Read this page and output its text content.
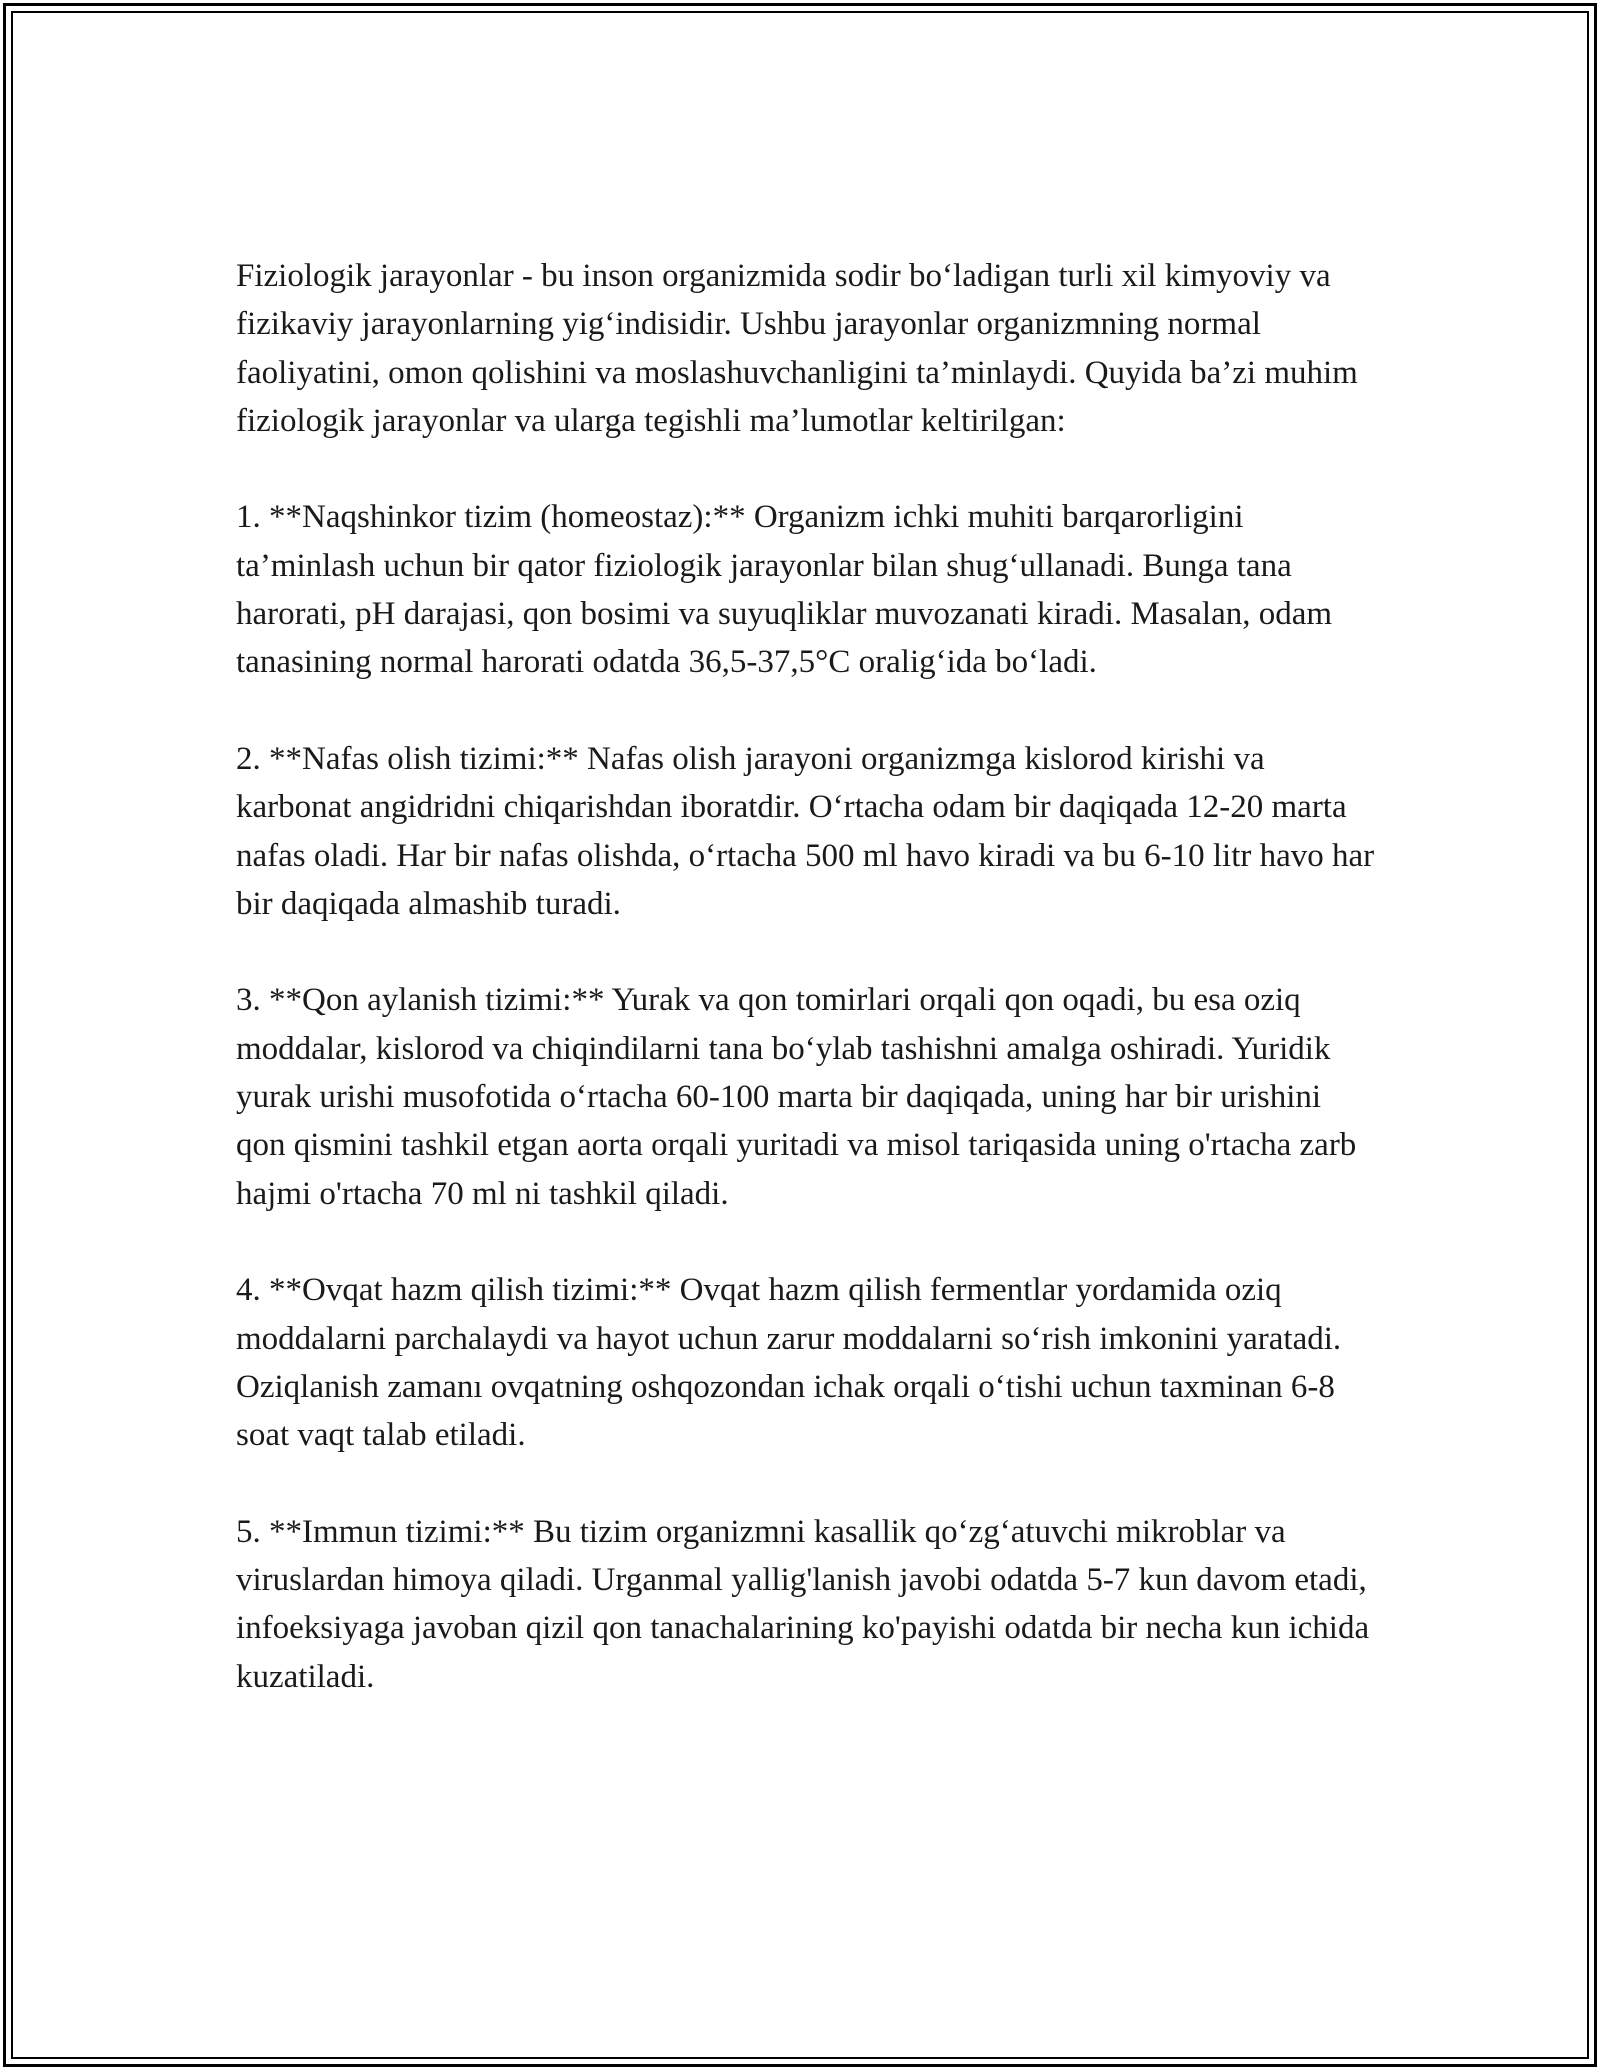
Fiziologik jarayonlar - bu inson organizmida sodir boʻladigan turli xil kimyoviy va fizikaviy jarayonlarning yigʻindisidir. Ushbu jarayonlar organizmning normal faoliyatini, omon qolishini va moslashuvchanligini ta’minlaydi. Quyida ba’zi muhim fiziologik jarayonlar va ularga tegishli ma’lumotlar keltirilgan:

1. **Naqshinkor tizim (homeostaz):** Organizm ichki muhiti barqarorligini ta’minlash uchun bir qator fiziologik jarayonlar bilan shugʻullanadi. Bunga tana harorati, pH darajasi, qon bosimi va suyuqliklar muvozanati kiradi. Masalan, odam tanasining normal harorati odatda 36,5-37,5°C oraligʻida boʻladi.

2. **Nafas olish tizimi:** Nafas olish jarayoni organizmga kislorod kirishi va karbonat angidridni chiqarishdan iboratdir. Oʻrtacha odam bir daqiqada 12-20 marta nafas oladi. Har bir nafas olishda, oʻrtacha 500 ml havo kiradi va bu 6-10 litr havo har bir daqiqada almashib turadi.

3. **Qon aylanish tizimi:** Yurak va qon tomirlari orqali qon oqadi, bu esa oziq moddalar, kislorod va chiqindilarni tana boʻylab tashishni amalga oshiradi. Yuridik yurak urishi musofotida oʻrtacha 60-100 marta bir daqiqada, uning har bir urishini qon qismini tashkil etgan aorta orqali yuritadi va misol tariqasida uning o'rtacha zarb hajmi o'rtacha 70 ml ni tashkil qiladi.

4. **Ovqat hazm qilish tizimi:** Ovqat hazm qilish fermentlar yordamida oziq moddalarni parchalaydi va hayot uchun zarur moddalarni soʻrish imkonini yaratadi. Oziqlanish zamanı ovqatning oshqozondan ichak orqali oʻtishi uchun taxminan 6-8 soat vaqt talab etiladi.

5. **Immun tizimi:** Bu tizim organizmni kasallik qoʻzgʻatuvchi mikroblar va viruslardan himoya qiladi. Urganmal yallig'lanish javobi odatda 5-7 kun davom etadi, infoeksiyaga javoban qizil qon tanachalarining ko'payishi odatda bir necha kun ichida kuzatiladi.
